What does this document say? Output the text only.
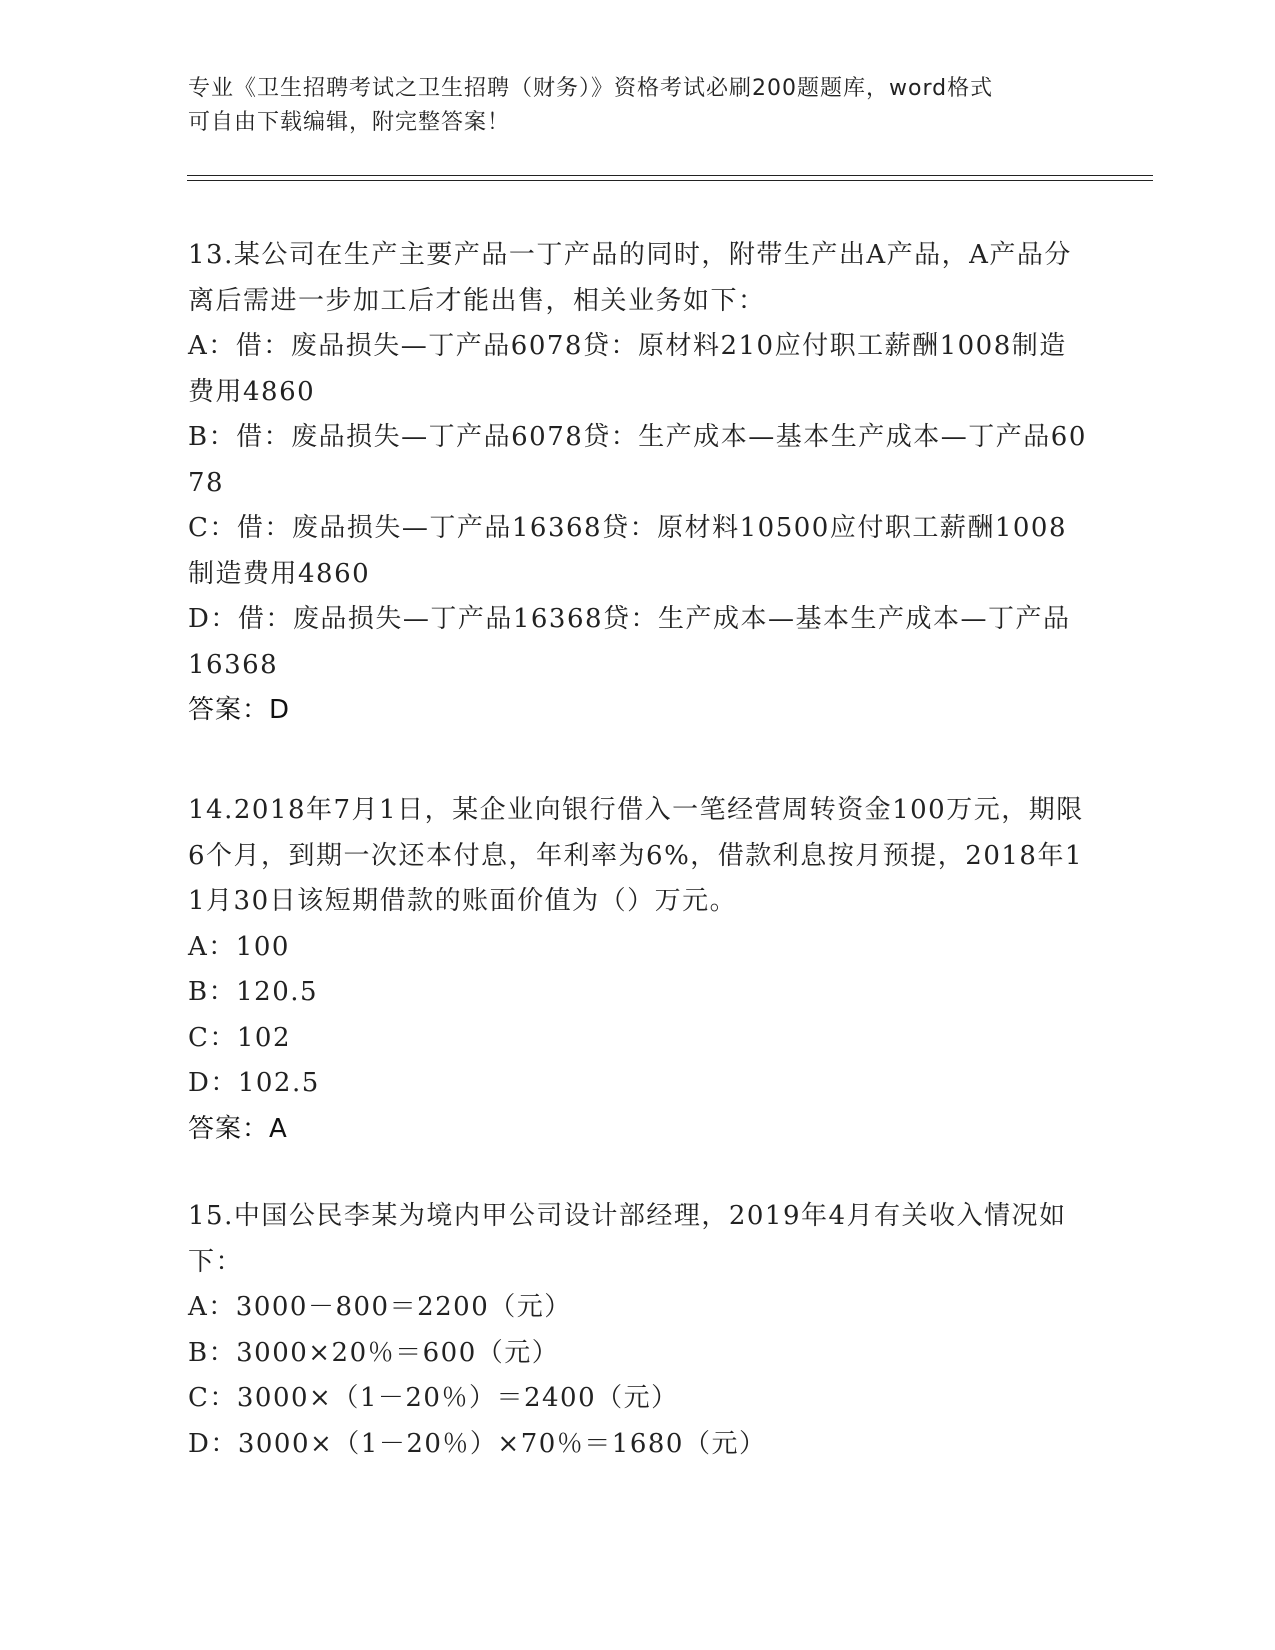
专业《卫生招聘考试之卫生招聘（财务）》资格考试必刷200题题库，word格式
可自由下载编辑，附完整答案！
13.某公司在生产主要产品一丁产品的同时，附带生产出A产品，A产品分离后需进一步加工后才能出售，相关业务如下：
A：借：废品损失—丁产品6078贷：原材料210应付职工薪酬1008制造费用4860
B：借：废品损失—丁产品6078贷：生产成本—基本生产成本—丁产品6078
C：借：废品损失—丁产品16368贷：原材料10500应付职工薪酬1008制造费用4860
D：借：废品损失—丁产品16368贷：生产成本—基本生产成本—丁产品16368
答案：D
14.2018年7月1日，某企业向银行借入一笔经营周转资金100万元，期限6个月，到期一次还本付息，年利率为6%，借款利息按月预提，2018年11月30日该短期借款的账面价值为（）万元。
A：100
B：120.5
C：102
D：102.5
答案：A
15.中国公民李某为境内甲公司设计部经理，2019年4月有关收入情况如下：
A：3000－800＝2200（元）
B：3000×20％＝600（元）
C：3000×（1－20％）＝2400（元）
D：3000×（1－20％）×70％＝1680（元）
